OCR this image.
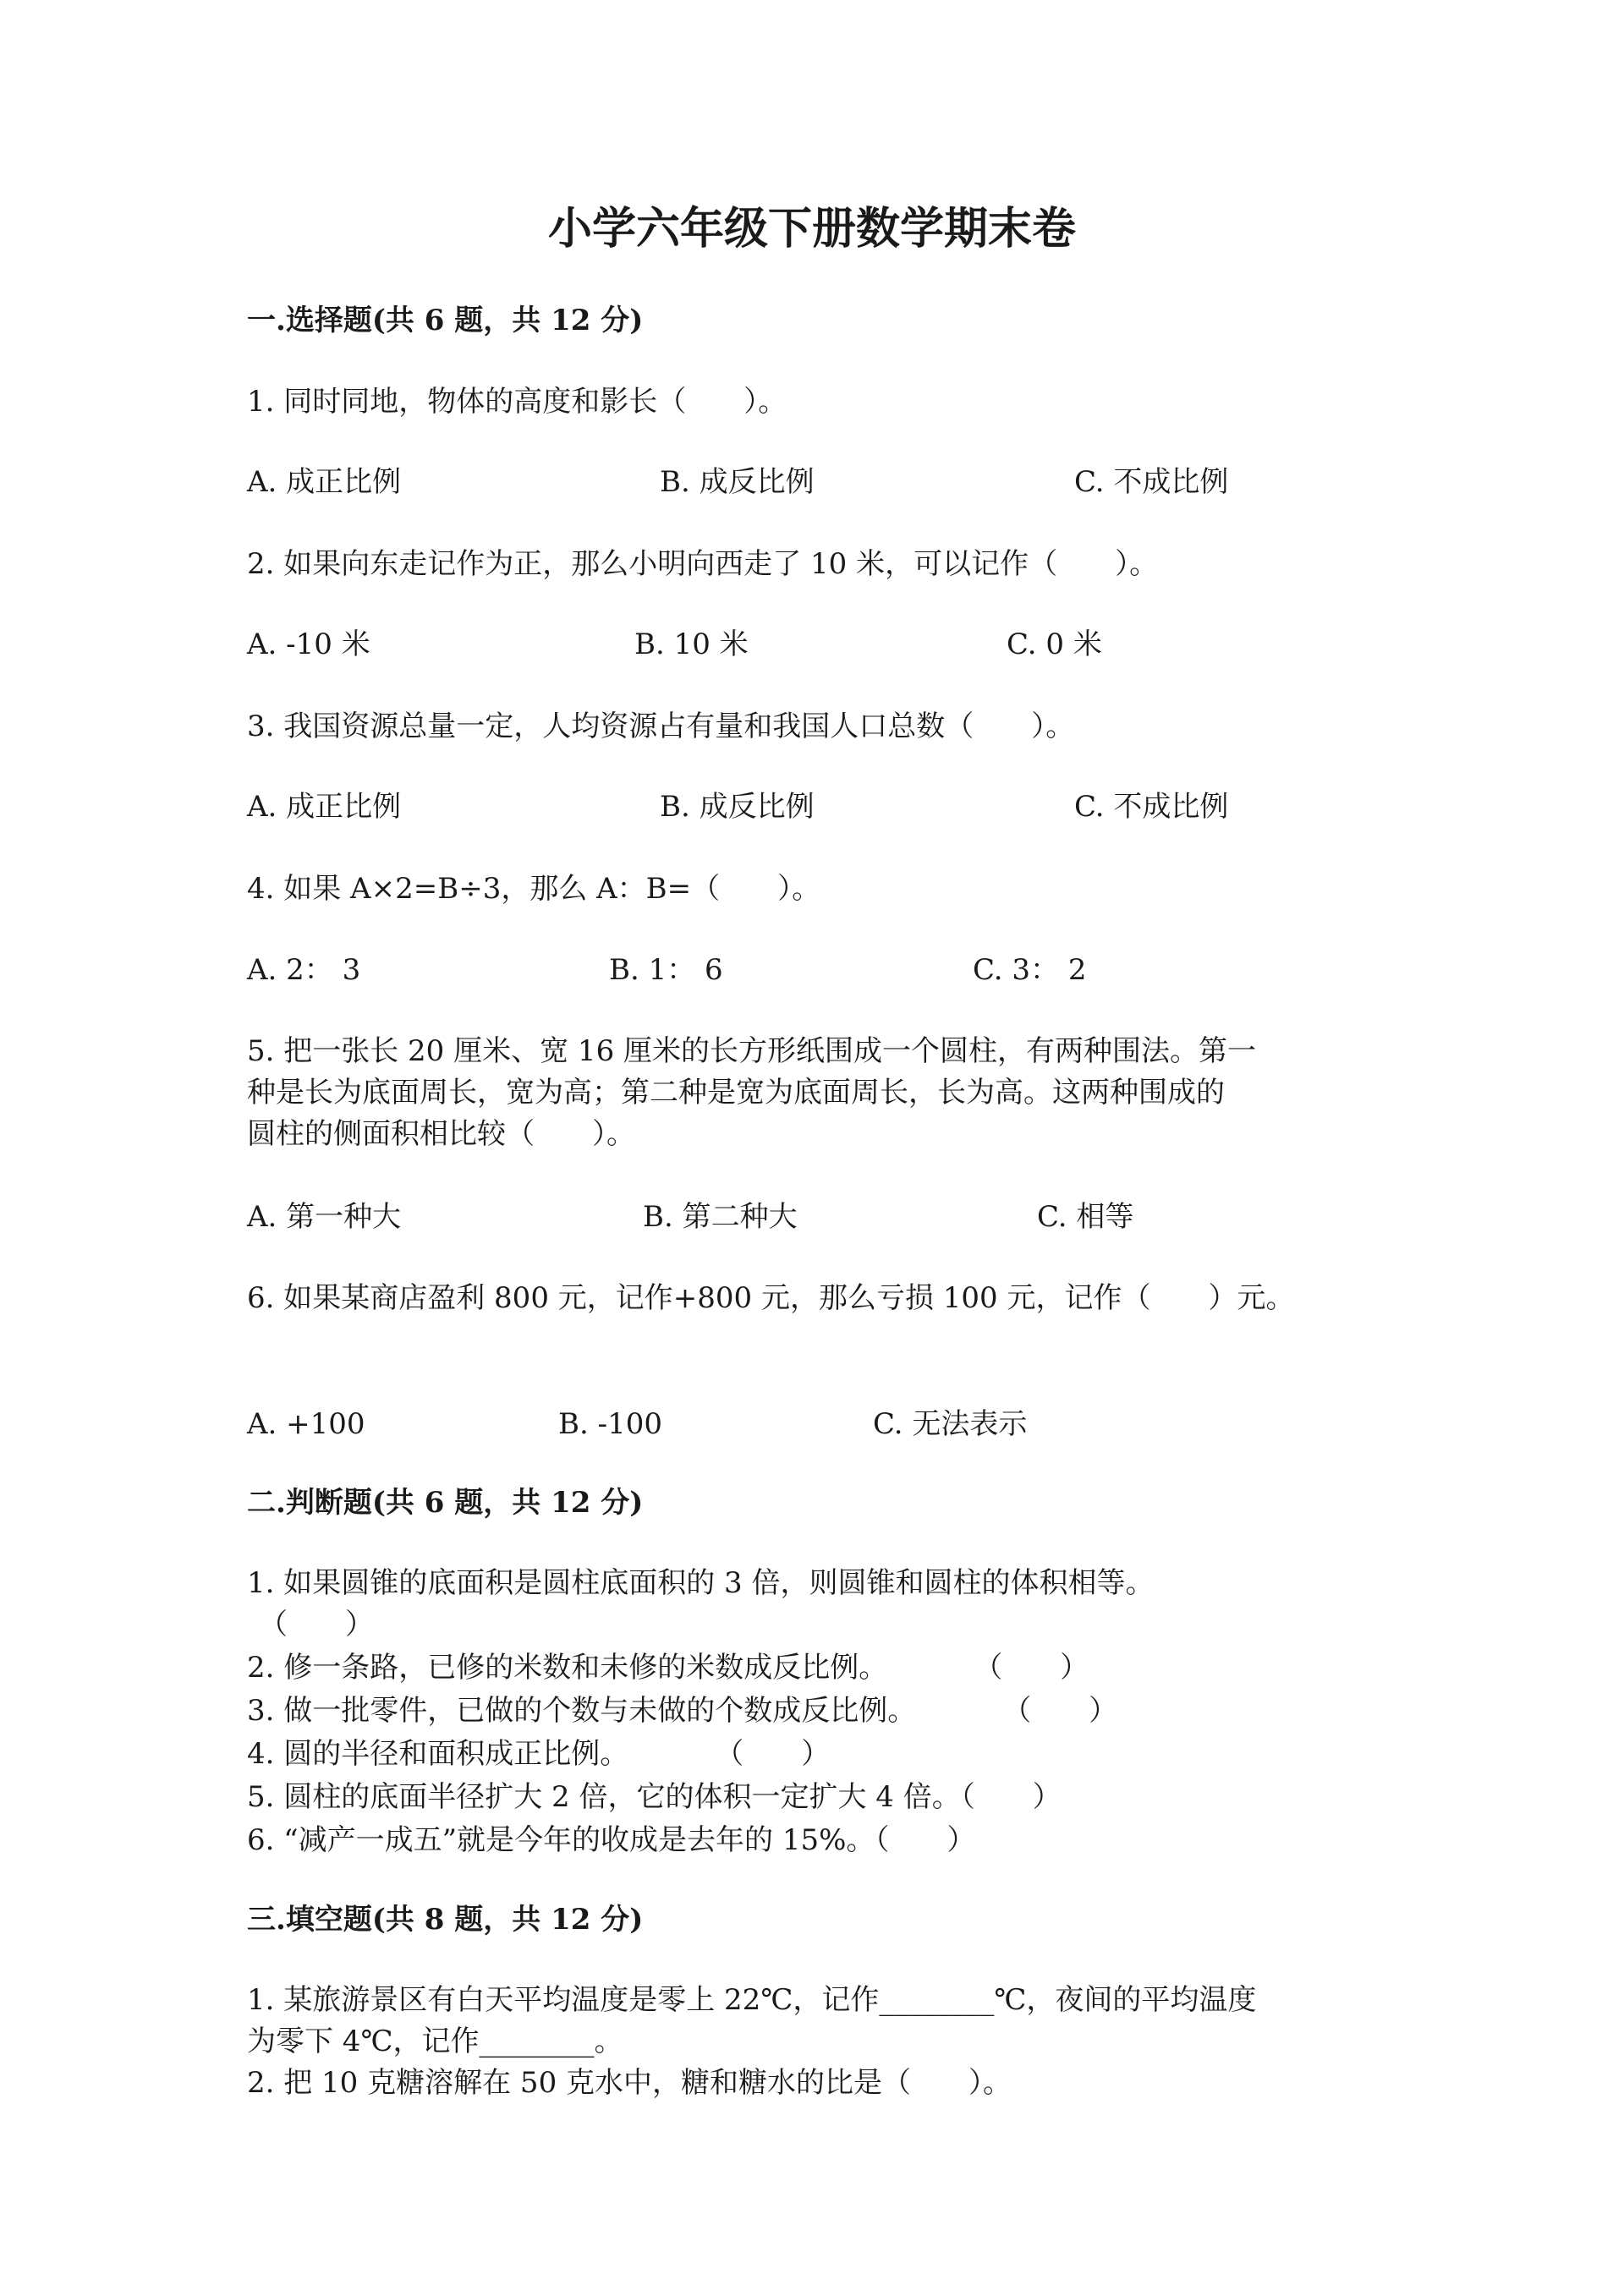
小学六年级下册数学期末卷
一.选择题(共 6 题，共 12 分)
1. 同时同地，物体的高度和影长（　　）。
A. 成正比例	B. 成反比例	C. 不成比例
2. 如果向东走记作为正，那么小明向西走了 10 米，可以记作（　　）。
A. -10 米	B. 10 米	C. 0 米
3. 我国资源总量一定，人均资源占有量和我国人口总数（　　）。
A. 成正比例	B. 成反比例	C. 不成比例
4. 如果 A×2=B÷3，那么 A：B=（　　）。
A. 2： 3	B. 1： 6	C. 3： 2
5. 把一张长 20 厘米、宽 16 厘米的长方形纸围成一个圆柱，有两种围法。第一
种是长为底面周长，宽为高；第二种是宽为底面周长，长为高。这两种围成的
圆柱的侧面积相比较（　　）。
A. 第一种大	B. 第二种大	C. 相等
6. 如果某商店盈利 800 元，记作+800 元，那么亏损 100 元，记作（　　）元。
A. +100	B. -100	C. 无法表示
二.判断题(共 6 题，共 12 分)
1. 如果圆锥的底面积是圆柱底面积的 3 倍，则圆锥和圆柱的体积相等。
（　　）
2. 修一条路，已修的米数和未修的米数成反比例。　　　　（　　）
3. 做一批零件，已做的个数与未做的个数成反比例。　　　　（　　）
4. 圆的半径和面积成正比例。　　　　（　　）
5. 圆柱的底面半径扩大 2 倍，它的体积一定扩大 4 倍。（　　）
6. “减产一成五”就是今年的收成是去年的 15%。（　　）
三.填空题(共 8 题，共 12 分)
1. 某旅游景区有白天平均温度是零上 22℃，记作________℃，夜间的平均温度
为零下 4℃，记作________。
2. 把 10 克糖溶解在 50 克水中，糖和糖水的比是（　　）。
